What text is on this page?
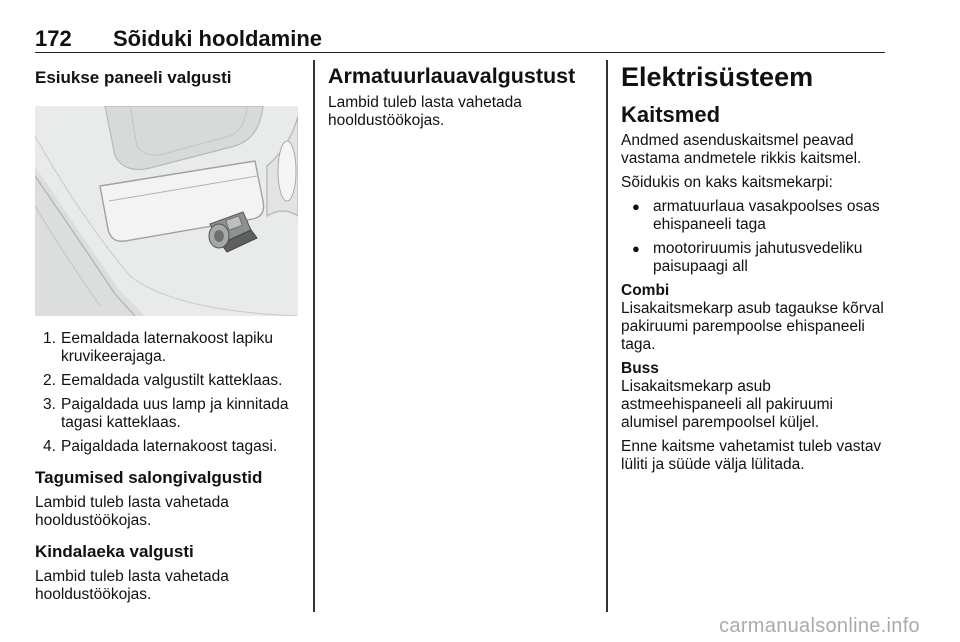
172 Sõiduki hooldamine
Esiukse paneeli valgusti
1. Eemaldada laternakoost lapiku kruvikeerajaga.
2. Eemaldada valgustilt katteklaas.
3. Paigaldada uus lamp ja kinnitada tagasi katteklaas.
4. Paigaldada laternakoost tagasi.
Tagumised salongivalgustid

Lambid tuleb lasta vahetada hooldustöökojas.

Kindalaeka valgusti

Lambid tuleb lasta vahetada hooldustöökojas.

Armatuurlauavalgustust

Lambid tuleb lasta vahetada hooldustöökojas.

Elektrisüsteem
Kaitsmed

Andmed asenduskaitsmel peavad vastama andmetele rikkis kaitsmel.

Sõidukis on kaks kaitsmekarpi:

● armatuurlaua vasakpoolses osas ehispaneeli taga
● mootoriruumis jahutusvedeliku paisupaagi all
Combi

Lisakaitsmekarp asub tagaukse kõrval pakiruumi parempoolse ehispaneeli taga.

Buss

Lisakaitsmekarp asub astmeehispaneeli all pakiruumi alumisel parempoolsel küljel.

Enne kaitsme vahetamist tuleb vastav lüliti ja süüde välja lülitada.

carmanualsonline.info
